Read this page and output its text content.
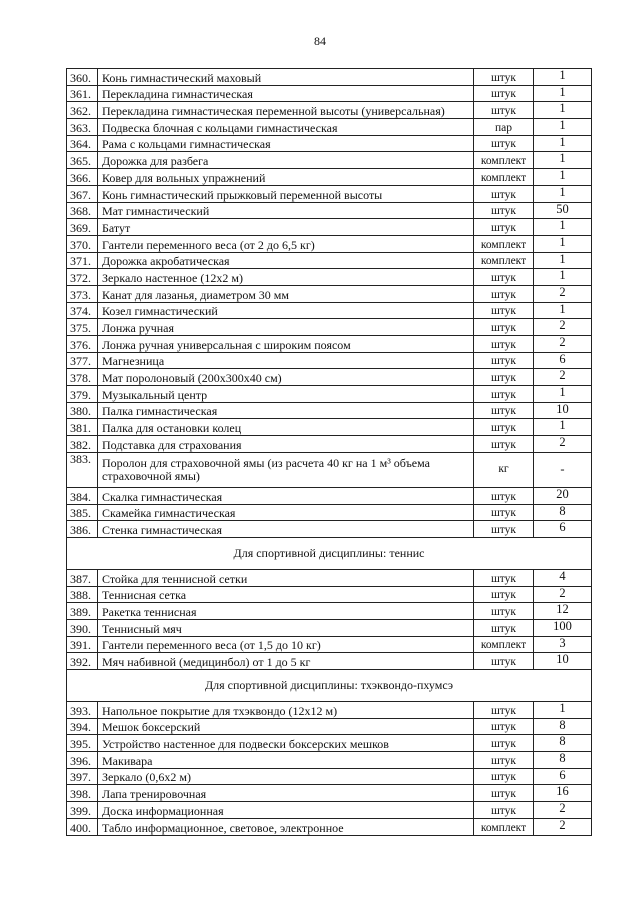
84
360.	Конь гимнастический маховый	штук	1
361.	Перекладина гимнастическая	штук	1
362.	Перекладина гимнастическая переменной высоты (универсальная)	штук	1
363.	Подвеска блочная с кольцами гимнастическая	пар	1
364.	Рама с кольцами гимнастическая	штук	1
365.	Дорожка для разбега	комплект	1
366.	Ковер для вольных упражнений	комплект	1
367.	Конь гимнастический прыжковый переменной высоты	штук	1
368.	Мат гимнастический	штук	50
369.	Батут	штук	1
370.	Гантели переменного веса (от 2 до 6,5 кг)	комплект	1
371.	Дорожка акробатическая	комплект	1
372.	Зеркало настенное (12х2 м)	штук	1
373.	Канат для лазанья, диаметром 30 мм	штук	2
374.	Козел гимнастический	штук	1
375.	Лонжа ручная	штук	2
376.	Лонжа ручная универсальная с широким поясом	штук	2
377.	Магнезница	штук	6
378.	Мат поролоновый (200х300х40 см)	штук	2
379.	Музыкальный центр	штук	1
380.	Палка гимнастическая	штук	10
381.	Палка для остановки колец	штук	1
382.	Подставка для страхования	штук	2
383.	Поролон для страховочной ямы (из расчета 40 кг на 1 м³ объема страховочной ямы)	кг	-
384.	Скалка гимнастическая	штук	20
385.	Скамейка гимнастическая	штук	8
386.	Стенка гимнастическая	штук	6
Для спортивной дисциплины: теннис			
387.	Стойка для теннисной сетки	штук	4
388.	Теннисная сетка	штук	2
389.	Ракетка теннисная	штук	12
390.	Теннисный мяч	штук	100
391.	Гантели переменного веса (от 1,5 до 10 кг)	комплект	3
392.	Мяч набивной (медицинбол) от 1 до 5 кг	штук	10
Для спортивной дисциплины: тхэквондо-пхумсэ			
393.	Напольное покрытие для тхэквондо (12х12 м)	штук	1
394.	Мешок боксерский	штук	8
395.	Устройство настенное для подвески боксерских мешков	штук	8
396.	Макивара	штук	8
397.	Зеркало (0,6х2 м)	штук	6
398.	Лапа тренировочная	штук	16
399.	Доска информационная	штук	2
400.	Табло информационное, световое, электронное	комплект	2
